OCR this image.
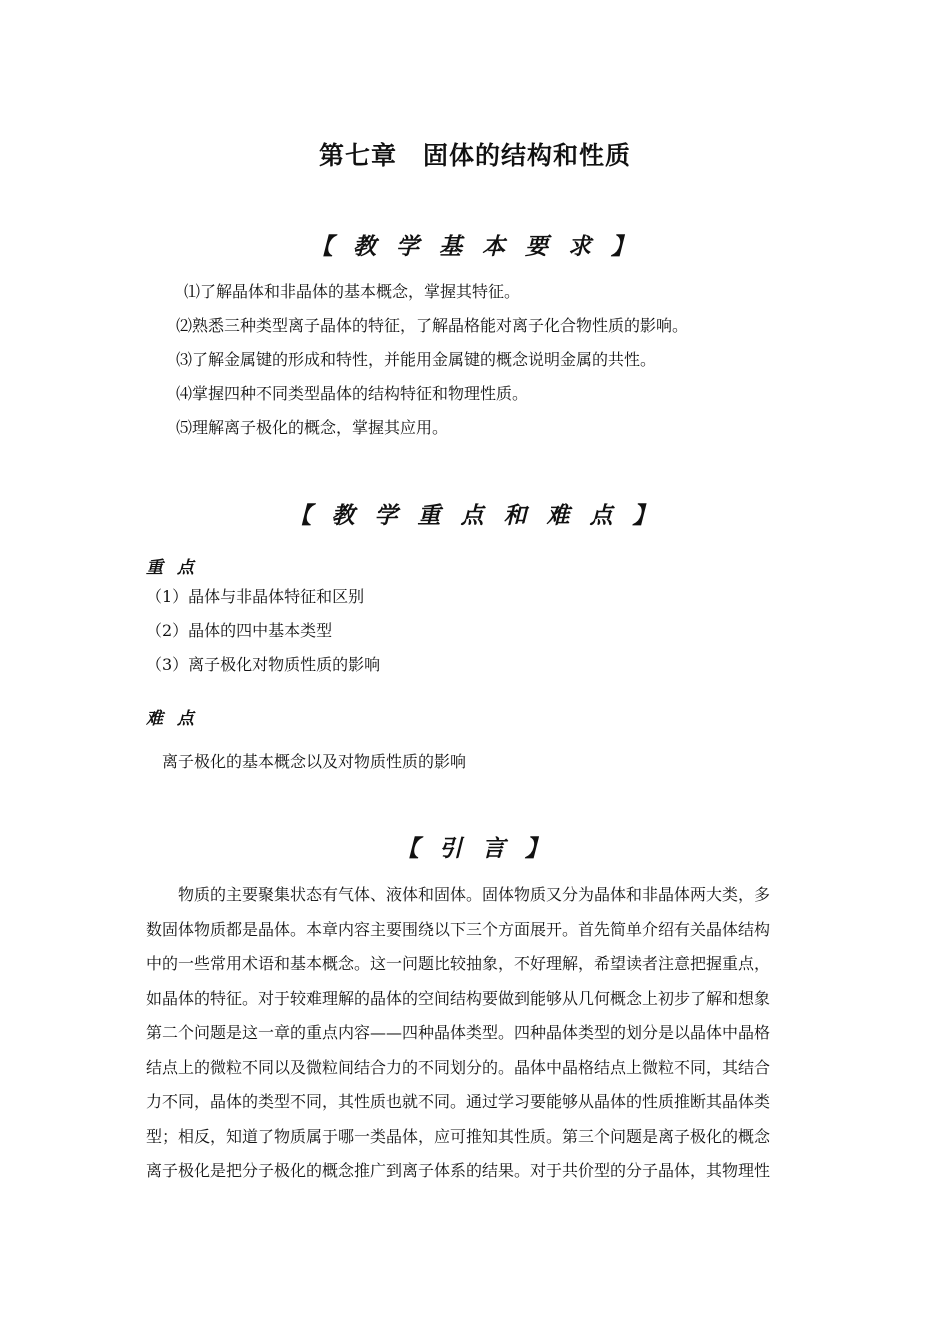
第七章　固体的结构和性质
【 教 学 基 本 要 求 】
⑴了解晶体和非晶体的基本概念，掌握其特征。
⑵熟悉三种类型离子晶体的特征，了解晶格能对离子化合物性质的影响。
⑶了解金属键的形成和特性，并能用金属键的概念说明金属的共性。
⑷掌握四种不同类型晶体的结构特征和物理性质。
⑸理解离子极化的概念，掌握其应用。
【 教 学 重 点 和 难 点 】
重 点
（1）晶体与非晶体特征和区别
（2）晶体的四中基本类型
（3）离子极化对物质性质的影响
难 点
离子极化的基本概念以及对物质性质的影响
【 引 言 】

　　物质的主要聚集状态有气体、液体和固体。固体物质又分为晶体和非晶体两大类，多

数固体物质都是晶体。本章内容主要围绕以下三个方面展开。首先简单介绍有关晶体结构

中的一些常用术语和基本概念。这一问题比较抽象，不好理解，希望读者注意把握重点，

如晶体的特征。对于较难理解的晶体的空间结构要做到能够从几何概念上初步了解和想象

第二个问题是这一章的重点内容——四种晶体类型。四种晶体类型的划分是以晶体中晶格

结点上的微粒不同以及微粒间结合力的不同划分的。晶体中晶格结点上微粒不同，其结合

力不同，晶体的类型不同，其性质也就不同。通过学习要能够从晶体的性质推断其晶体类

型；相反，知道了物质属于哪一类晶体，应可推知其性质。第三个问题是离子极化的概念

离子极化是把分子极化的概念推广到离子体系的结果。对于共价型的分子晶体，其物理性
